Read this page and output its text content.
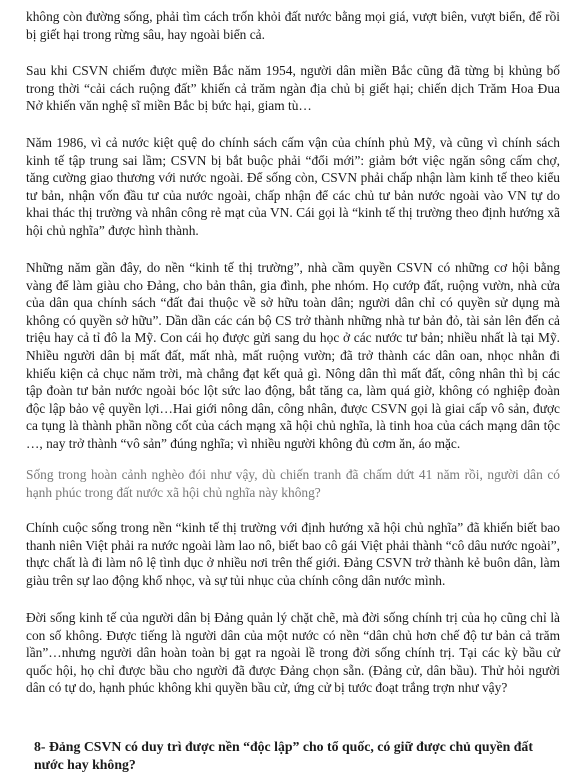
không còn đường sống, phải tìm cách trốn khỏi đất nước bằng mọi giá, vượt biên, vượt biển, để rồi bị giết hại trong rừng sâu, hay ngoài biển cả.

Sau khi CSVN chiếm được miền Bắc năm 1954, người dân miền Bắc cũng đã từng bị khủng bố trong thời “cải cách ruộng đất” khiến cả trăm ngàn địa chủ bị giết hại; chiến dịch Trăm Hoa Đua Nở khiến văn nghệ sĩ miền Bắc bị bức hại, giam tù…

Năm 1986, vì cả nước kiệt quệ do chính sách cấm vận của chính phủ Mỹ, và cũng vì chính sách kinh tế tập trung sai lầm; CSVN bị bắt buộc phải “đổi mới”: giảm bớt việc ngăn sông cấm chợ, tăng cường giao thương với nước ngoài. Để sống còn, CSVN phải chấp nhận làm kinh tế theo kiểu tư bản, nhận vốn đầu tư của nước ngoài, chấp nhận để các chủ tư bản nước ngoài vào VN tự do khai thác thị trường và nhân công rẻ mạt của VN. Cái gọi là “kinh tế thị trường theo định hướng xã hội chủ nghĩa” được hình thành.

Những năm gần đây, do nền “kinh tế thị trường”, nhà cầm quyền CSVN có những cơ hội bằng vàng để làm giàu cho Đảng, cho bản thân, gia đình, phe nhóm. Họ cướp đất, ruộng vườn, nhà cửa của dân qua chính sách “đất đai thuộc về sở hữu toàn dân; người dân chỉ có quyền sử dụng mà không có quyền sở hữu”. Dần dần các cán bộ CS trở thành những nhà tư bản đỏ, tài sản lên đến cả triệu hay cả tỉ đô la Mỹ. Con cái họ được gửi sang du học ở các nước tư bản; nhiều nhất là tại Mỹ. Nhiều người dân bị mất đất, mất nhà, mất ruộng vườn; đã trở thành các dân oan, nhọc nhằn đi khiếu kiện cả chục năm trời, mà chẳng đạt kết quả gì. Nông dân thì mất đất, công nhân thì bị các tập đoàn tư bản nước ngoài bóc lột sức lao động, bắt tăng ca, làm quá giờ, không có nghiệp đoàn độc lập bảo vệ quyền lợi…Hai giới nông dân, công nhân, được CSVN gọi là giai cấp vô sản, được ca tụng là thành phần nồng cốt của cách mạng xã hội chủ nghĩa, là tinh hoa của cách mạng dân tộc …, nay trở thành “vô sản” đúng nghĩa; vì nhiều người không đủ cơm ăn, áo mặc.

Sống trong hoàn cảnh nghèo đói như vậy, dù chiến tranh đã chấm dứt 41 năm rồi, người dân có hạnh phúc trong đất nước xã hội chủ nghĩa này không?

Chính cuộc sống trong nền “kinh tế thị trường với định hướng xã hội chủ nghĩa” đã khiến biết bao thanh niên Việt phải ra nước ngoài làm lao nô, biết bao cô gái Việt phải thành “cô dâu nước ngoài”, thực chất là đi làm nô lệ tình dục ở nhiều nơi trên thế giới. Đảng CSVN trở thành kẻ buôn dân, làm giàu trên sự lao động khổ nhọc, và sự tủi nhục của chính công dân nước mình.

Đời sống kinh tế của người dân bị Đảng quản lý chặt chẽ, mà đời sống chính trị của họ cũng chỉ là con số không. Được tiếng là người dân của một nước có nền “dân chủ hơn chế độ tư bản cả trăm lần”…nhưng người dân hoàn toàn bị gạt ra ngoài lề trong đời sống chính trị. Tại các kỳ bầu cử quốc hội, họ chỉ được bầu cho người đã được Đảng chọn sẵn. (Đảng cử, dân bầu). Thử hỏi người dân có tự do, hạnh phúc không khi quyền bầu cử, ứng cử bị tước đoạt trắng trợn như vậy?

8- Đảng CSVN có duy trì được nền “độc lập” cho tổ quốc, có giữ được chủ quyền đất nước hay không?
